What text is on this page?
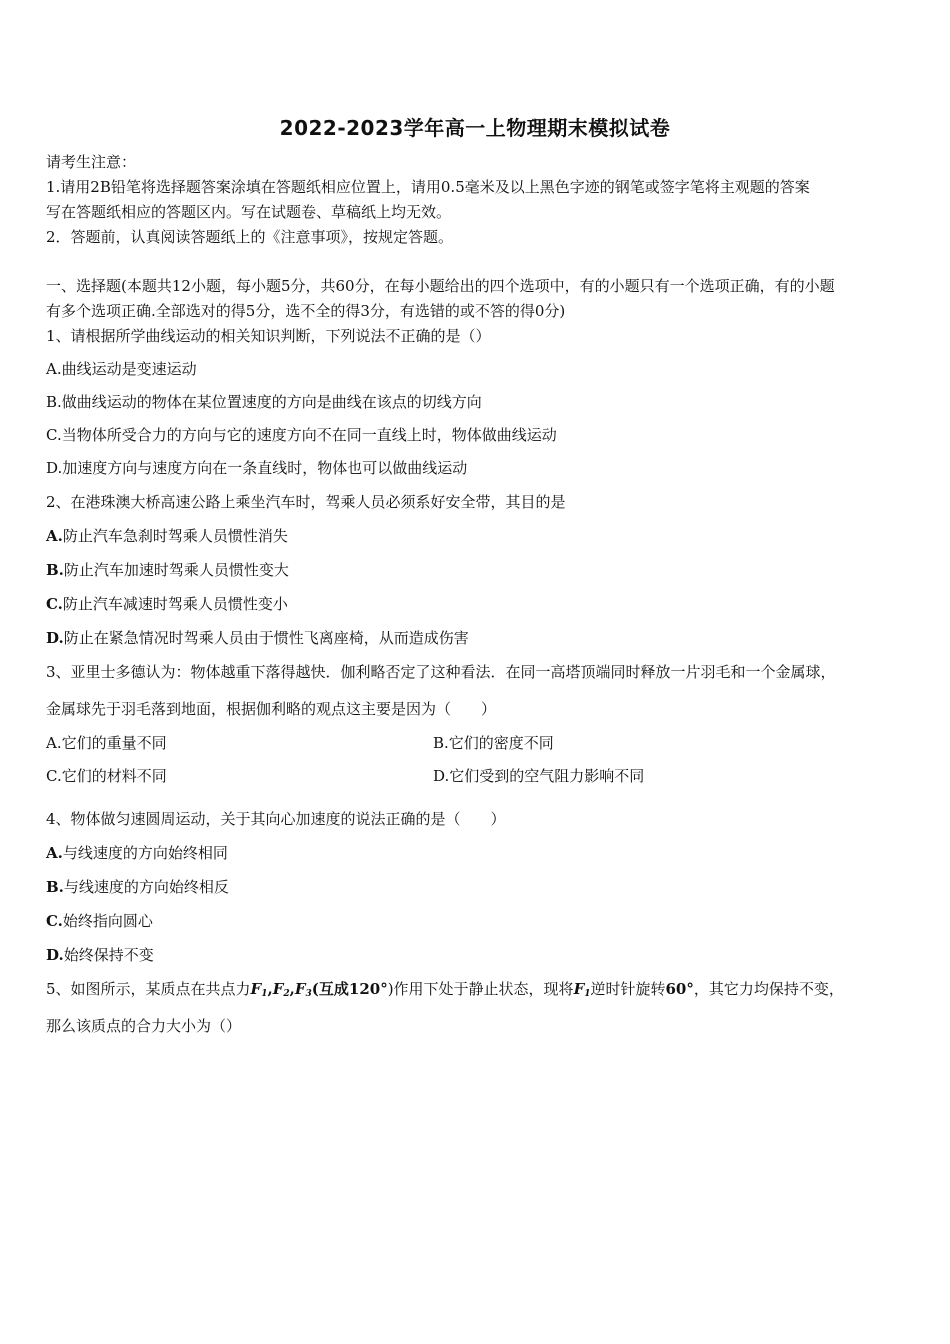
2022-2023学年高一上物理期末模拟试卷
请考生注意：
1.请用2B铅笔将选择题答案涂填在答题纸相应位置上，请用0.5毫米及以上黑色字迹的钢笔或签字笔将主观题的答案
写在答题纸相应的答题区内。写在试题卷、草稿纸上均无效。
2．答题前，认真阅读答题纸上的《注意事项》，按规定答题。
一、选择题(本题共12小题，每小题5分，共60分，在每小题给出的四个选项中，有的小题只有一个选项正确，有的小题
有多个选项正确.全部选对的得5分，选不全的得3分，有选错的或不答的得0分)
1、请根据所学曲线运动的相关知识判断，下列说法不正确的是（）
A.曲线运动是变速运动
B.做曲线运动的物体在某位置速度的方向是曲线在该点的切线方向
C.当物体所受合力的方向与它的速度方向不在同一直线上时，物体做曲线运动
D.加速度方向与速度方向在一条直线时，物体也可以做曲线运动
2、在港珠澳大桥高速公路上乘坐汽车时，驾乘人员必须系好安全带，其目的是
A.防止汽车急刹时驾乘人员惯性消失
B.防止汽车加速时驾乘人员惯性变大
C.防止汽车减速时驾乘人员惯性变小
D.防止在紧急情况时驾乘人员由于惯性飞离座椅，从而造成伤害
3、亚里士多德认为：物体越重下落得越快．伽利略否定了这种看法．在同一高塔顶端同时释放一片羽毛和一个金属球，
金属球先于羽毛落到地面，根据伽利略的观点这主要是因为（　　）
A.它们的重量不同	B.它们的密度不同
C.它们的材料不同	D.它们受到的空气阻力影响不同
4、物体做匀速圆周运动，关于其向心加速度的说法正确的是（　　）
A.与线速度的方向始终相同
B.与线速度的方向始终相反
C.始终指向圆心
D.始终保持不变
5、如图所示，某质点在共点力$F_1,F_2,F_3$(互成120°)作用下处于静止状态，现将$F_1$逆时针旋转60°，其它力均保持不变，
那么该质点的合力大小为（）
